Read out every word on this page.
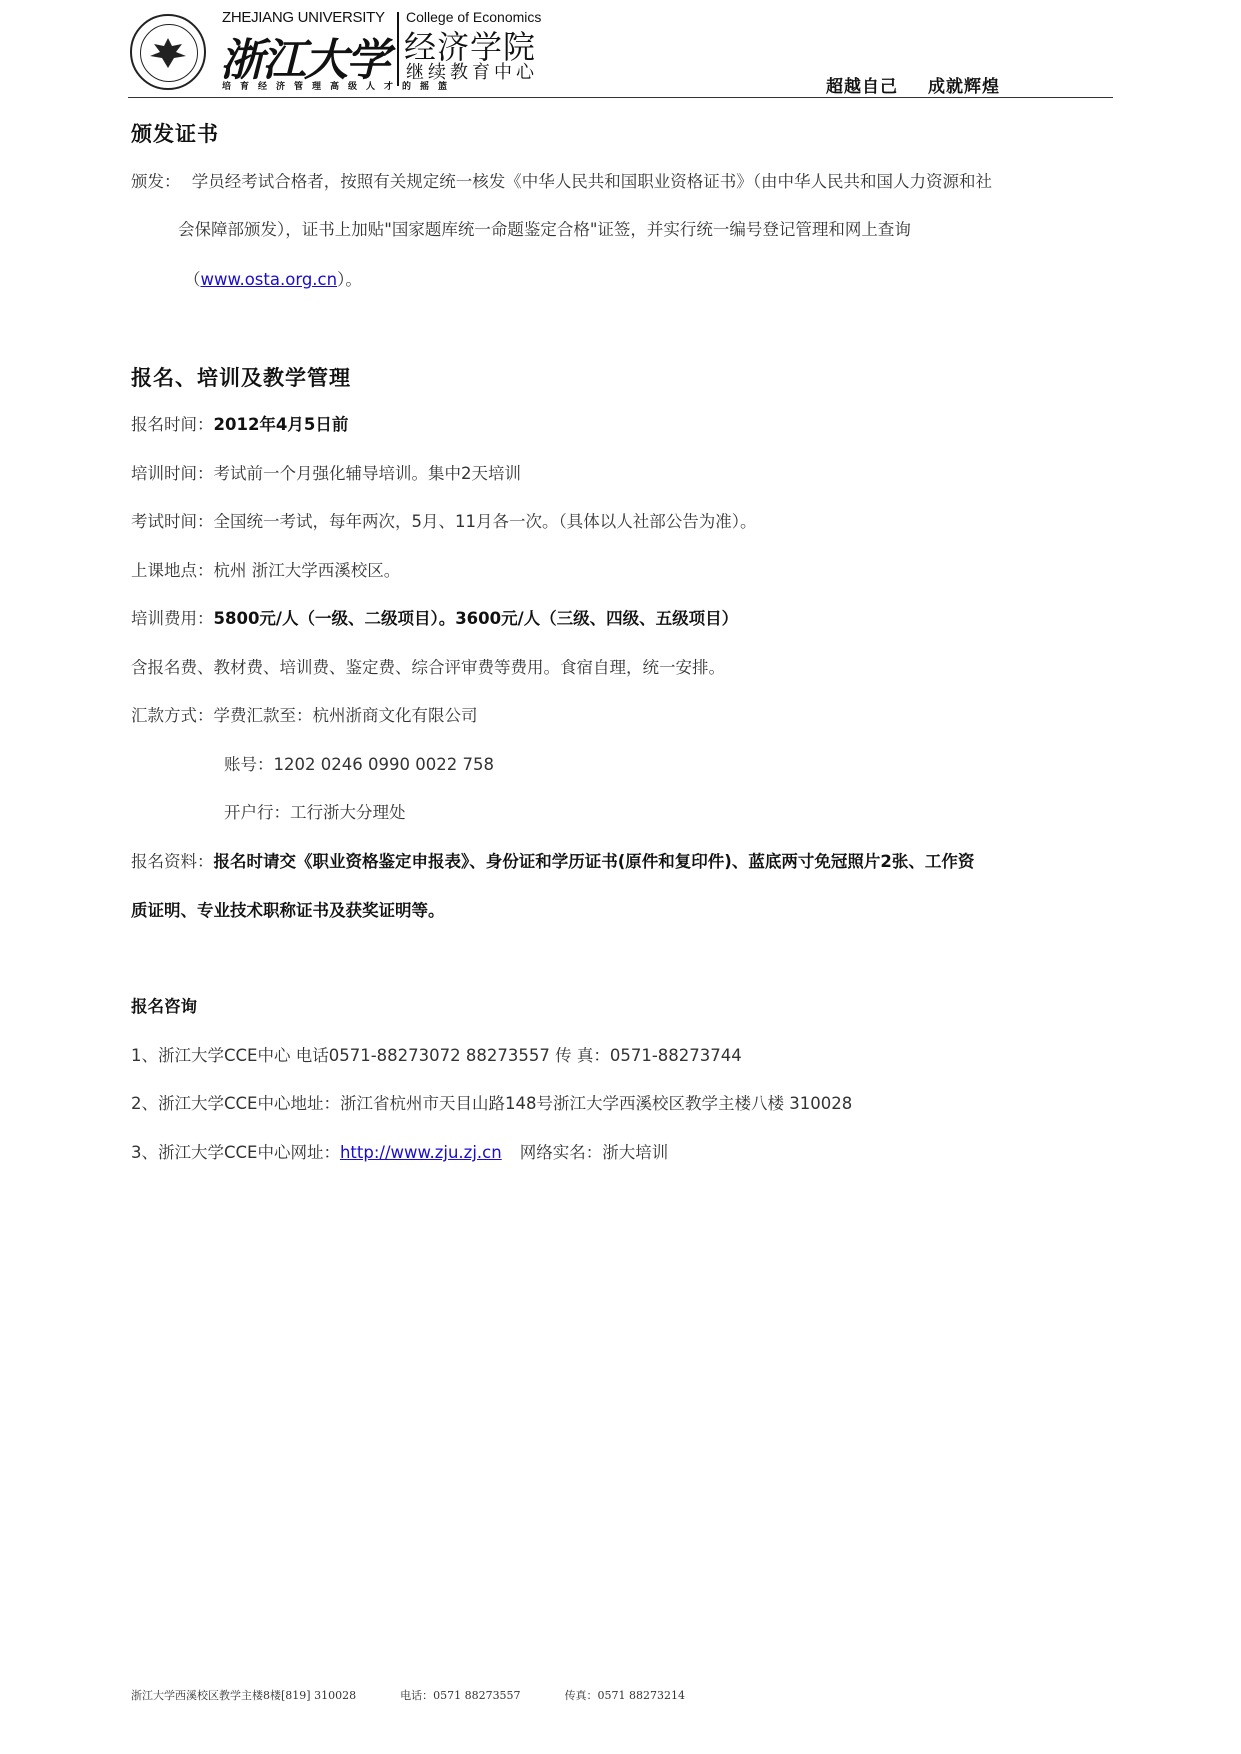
ZHEJIANG UNIVERSITY
浙江大学
College of Economics
经济学院
继续教育中心
培育经济管理高级人才的摇篮	超越自己 成就辉煌
颁发证书
颁发： 学员经考试合格者，按照有关规定统一核发《中华人民共和国职业资格证书》（由中华人民共和国人力资源和社
会保障部颁发），证书上加贴"国家题库统一命题鉴定合格"证签，并实行统一编号登记管理和网上查询
（www.osta.org.cn）。
报名、培训及教学管理
报名时间：2012年4月5日前
培训时间：考试前一个月强化辅导培训。集中2天培训
考试时间：全国统一考试，每年两次，5月、11月各一次。（具体以人社部公告为准）。
上课地点：杭州 浙江大学西溪校区。
培训费用：5800元/人（一级、二级项目）。3600元/人（三级、四级、五级项目）
含报名费、教材费、培训费、鉴定费、综合评审费等费用。食宿自理，统一安排。
汇款方式：学费汇款至：杭州浙商文化有限公司
账号：1202 0246 0990 0022 758
开户行：工行浙大分理处
报名资料：报名时请交《职业资格鉴定申报表》、身份证和学历证书(原件和复印件)、蓝底两寸免冠照片2张、工作资
质证明、专业技术职称证书及获奖证明等。
报名咨询
1、浙江大学CCE中心 电话0571-88273072 88273557 传 真：0571-88273744
2、浙江大学CCE中心地址：浙江省杭州市天目山路148号浙江大学西溪校区教学主楼八楼 310028
3、浙江大学CCE中心网址：http://www.zju.zj.cn 网络实名：浙大培训
浙江大学西溪校区教学主楼8楼[819] 310028	电话：0571 88273557	传真：0571 88273214
